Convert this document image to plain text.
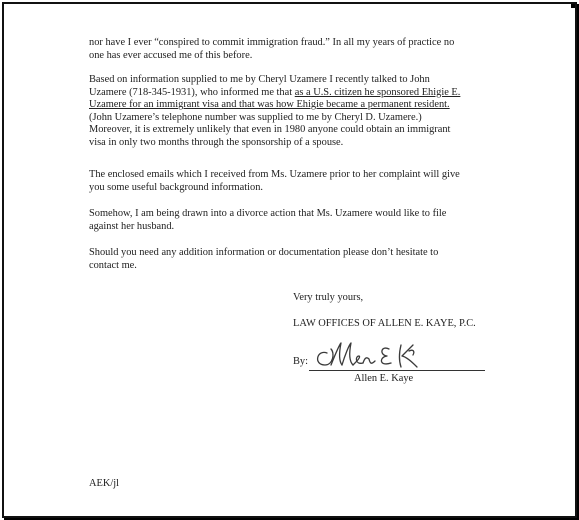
nor have I ever “conspired to commit immigration fraud.” In all my years of practice no
one has ever accused me of this before.

Based on information supplied to me by Cheryl Uzamere I recently talked to John
Uzamere (718-345-1931), who informed me that as a U.S. citizen he sponsored Ehigie E.
Uzamere for an immigrant visa and that was how Ehigie became a permanent resident.
(John Uzamere’s telephone number was supplied to me by Cheryl D. Uzamere.)
Moreover, it is extremely unlikely that even in 1980 anyone could obtain an immigrant
visa in only two months through the sponsorship of a spouse.

The enclosed emails which I received from Ms. Uzamere prior to her complaint will give
you some useful background information.

Somehow, I am being drawn into a divorce action that Ms. Uzamere would like to file
against her husband.

Should you need any addition information or documentation please don’t hesitate to
contact me.

Very truly yours,

LAW OFFICES OF ALLEN E. KAYE, P.C.

By:

Allen E. Kaye

AEK/jl
